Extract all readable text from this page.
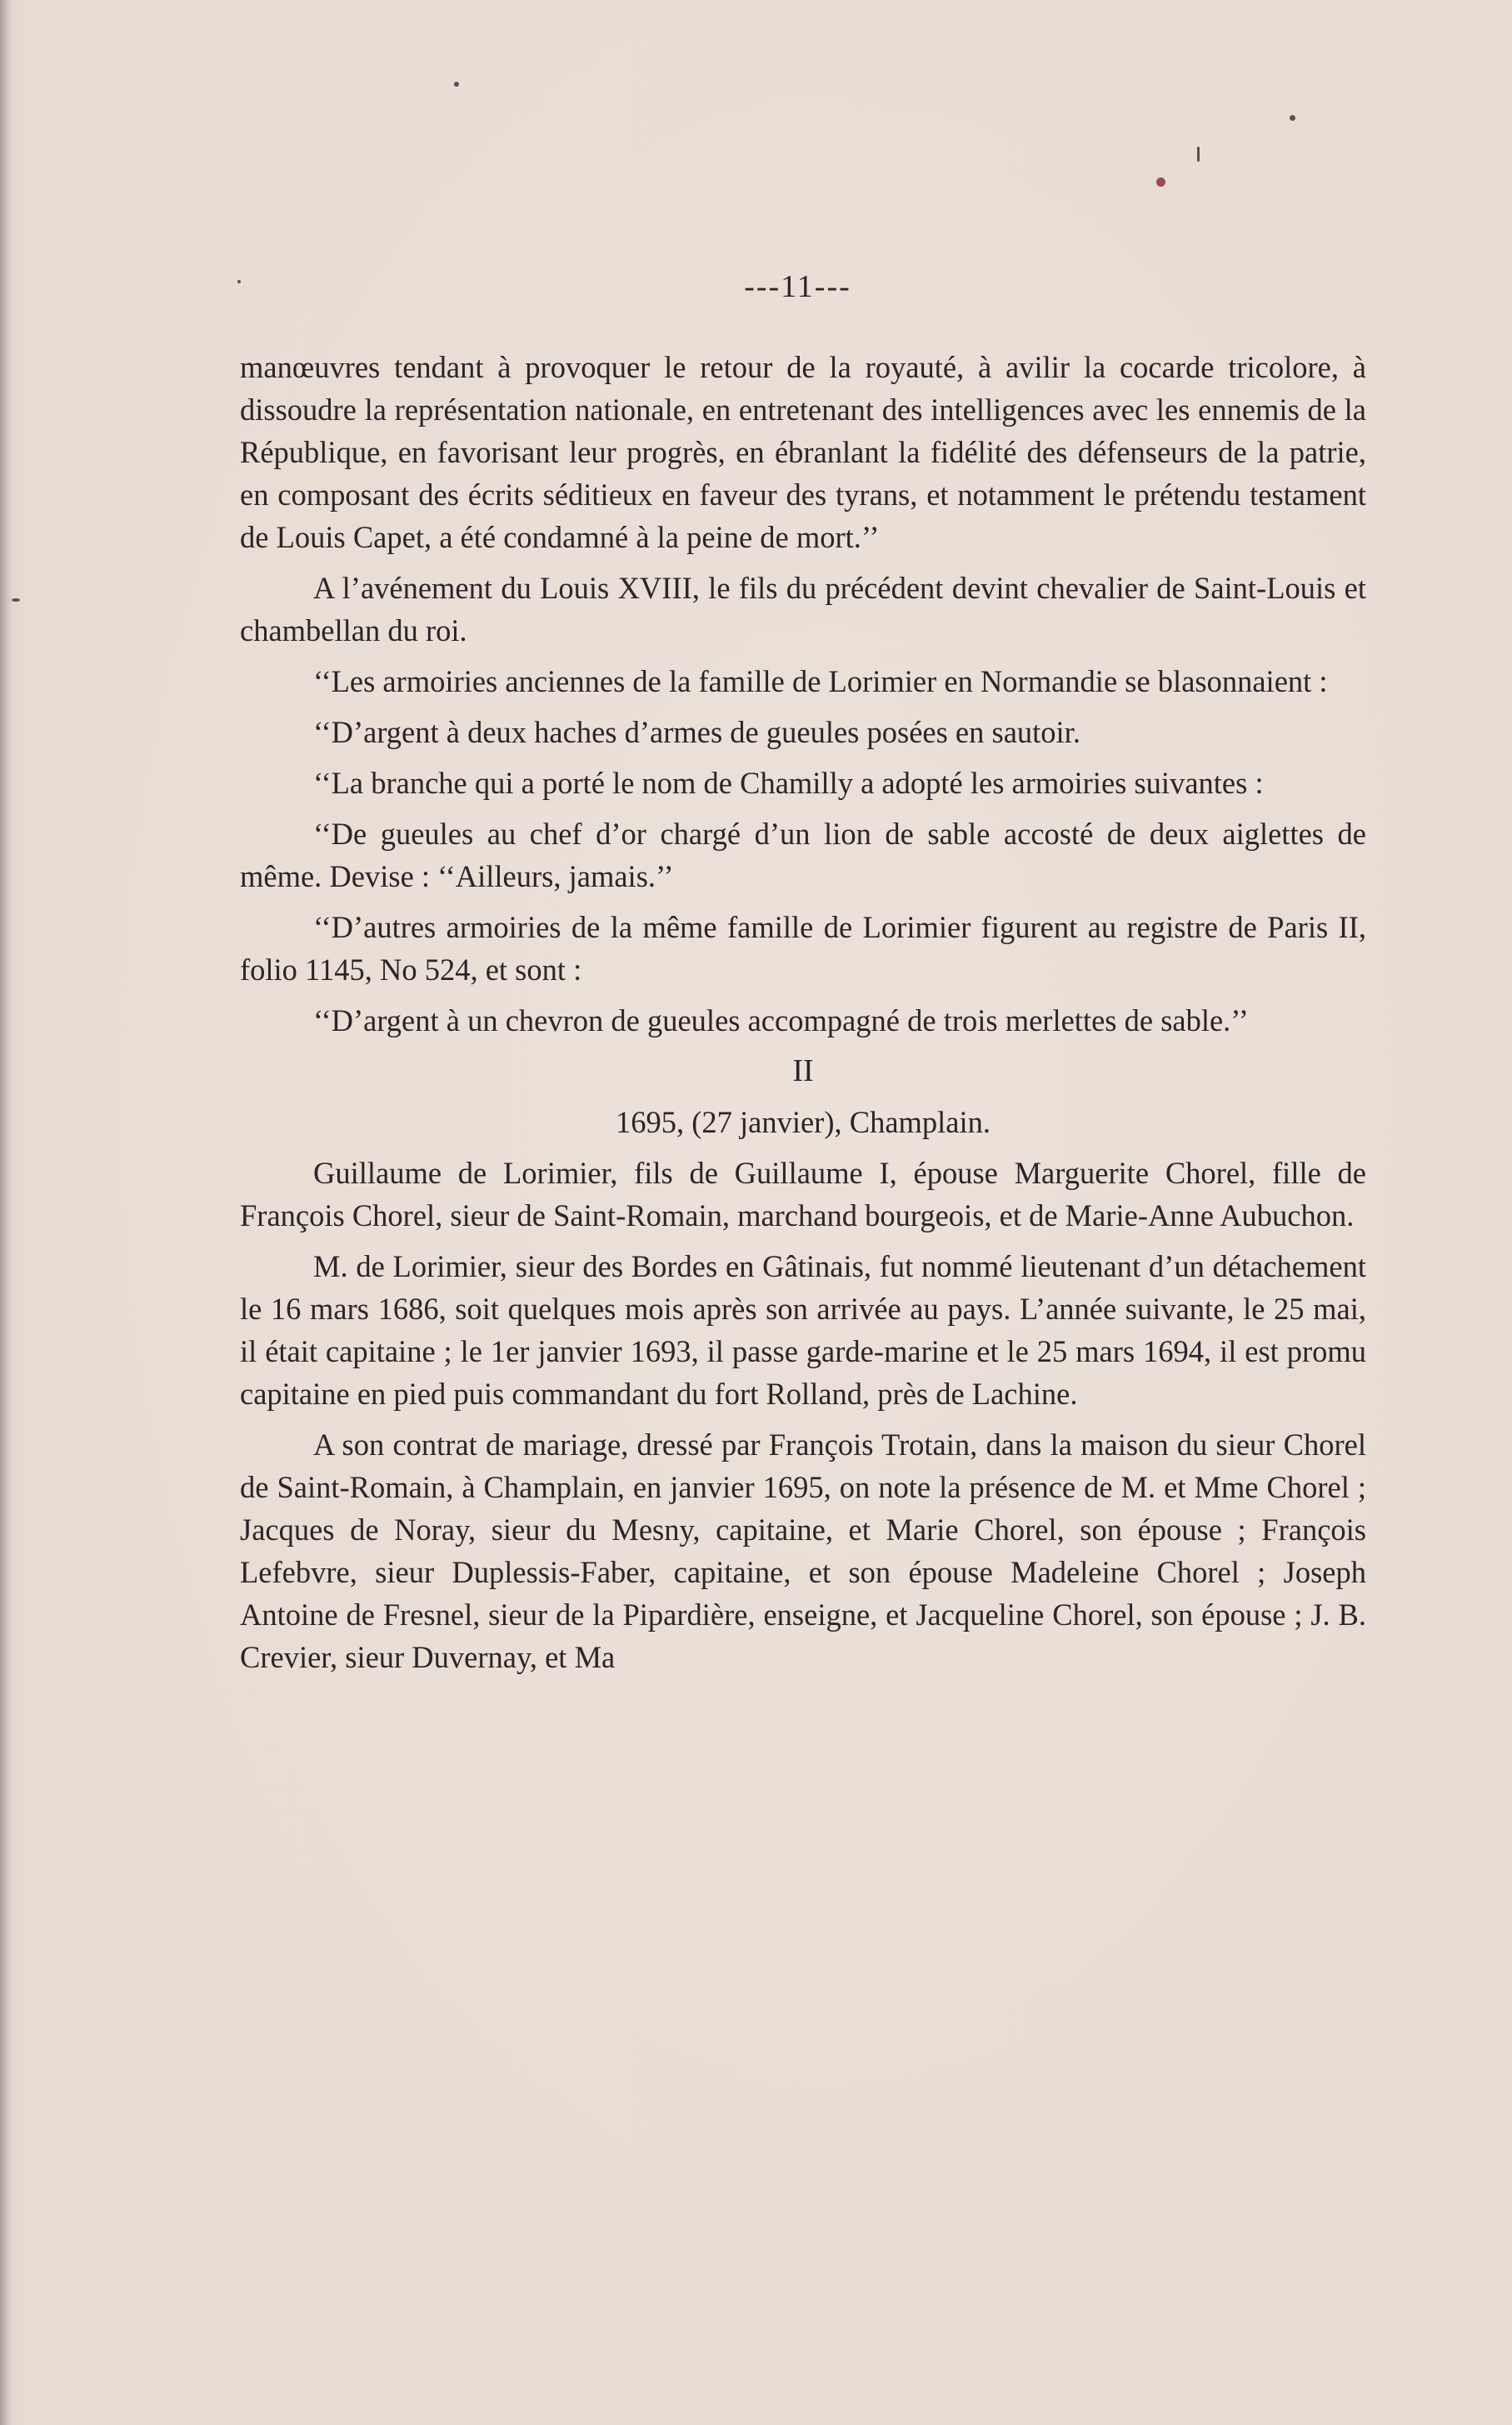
---11---

manœuvres tendant à provoquer le retour de la royauté, à avilir la cocarde tricolore, à dissoudre la représentation nationale, en entretenant des intelligences avec les ennemis de la République, en favorisant leur progrès, en ébranlant la fidélité des défenseurs de la patrie, en composant des écrits séditieux en faveur des tyrans, et notamment le prétendu testament de Louis Capet, a été condamné à la peine de mort.’’

A l’avénement du Louis XVIII, le fils du précédent devint chevalier de Saint-Louis et chambellan du roi.

‘‘Les armoiries anciennes de la famille de Lorimier en Normandie se blasonnaient :

‘‘D’argent à deux haches d’armes de gueules posées en sautoir.

‘‘La branche qui a porté le nom de Chamilly a adopté les armoiries suivantes :

‘‘De gueules au chef d’or chargé d’un lion de sable accosté de deux aiglettes de même. Devise : ‘‘Ailleurs, jamais.’’

‘‘D’autres armoiries de la même famille de Lorimier figurent au registre de Paris II, folio 1145, No 524, et sont :

‘‘D’argent à un chevron de gueules accompagné de trois merlettes de sable.’’

II
1695, (27 janvier), Champlain.

Guillaume de Lorimier, fils de Guillaume I, épouse Marguerite Chorel, fille de François Chorel, sieur de Saint-Romain, marchand bourgeois, et de Marie-Anne Aubuchon.

M. de Lorimier, sieur des Bordes en Gâtinais, fut nommé lieutenant d’un détachement le 16 mars 1686, soit quelques mois après son arrivée au pays. L’année suivante, le 25 mai, il était capitaine ; le 1er janvier 1693, il passe garde-marine et le 25 mars 1694, il est promu capitaine en pied puis commandant du fort Rolland, près de Lachine.

A son contrat de mariage, dressé par François Trotain, dans la maison du sieur Chorel de Saint-Romain, à Champlain, en janvier 1695, on note la présence de M. et Mme Chorel ; Jacques de Noray, sieur du Mesny, capitaine, et Marie Chorel, son épouse ; François Lefebvre, sieur Duplessis-Faber, capitaine, et son épouse Madeleine Chorel ; Joseph Antoine de Fresnel, sieur de la Pipardière, enseigne, et Jacqueline Chorel, son épouse ; J. B. Crevier, sieur Duvernay, et Ma
